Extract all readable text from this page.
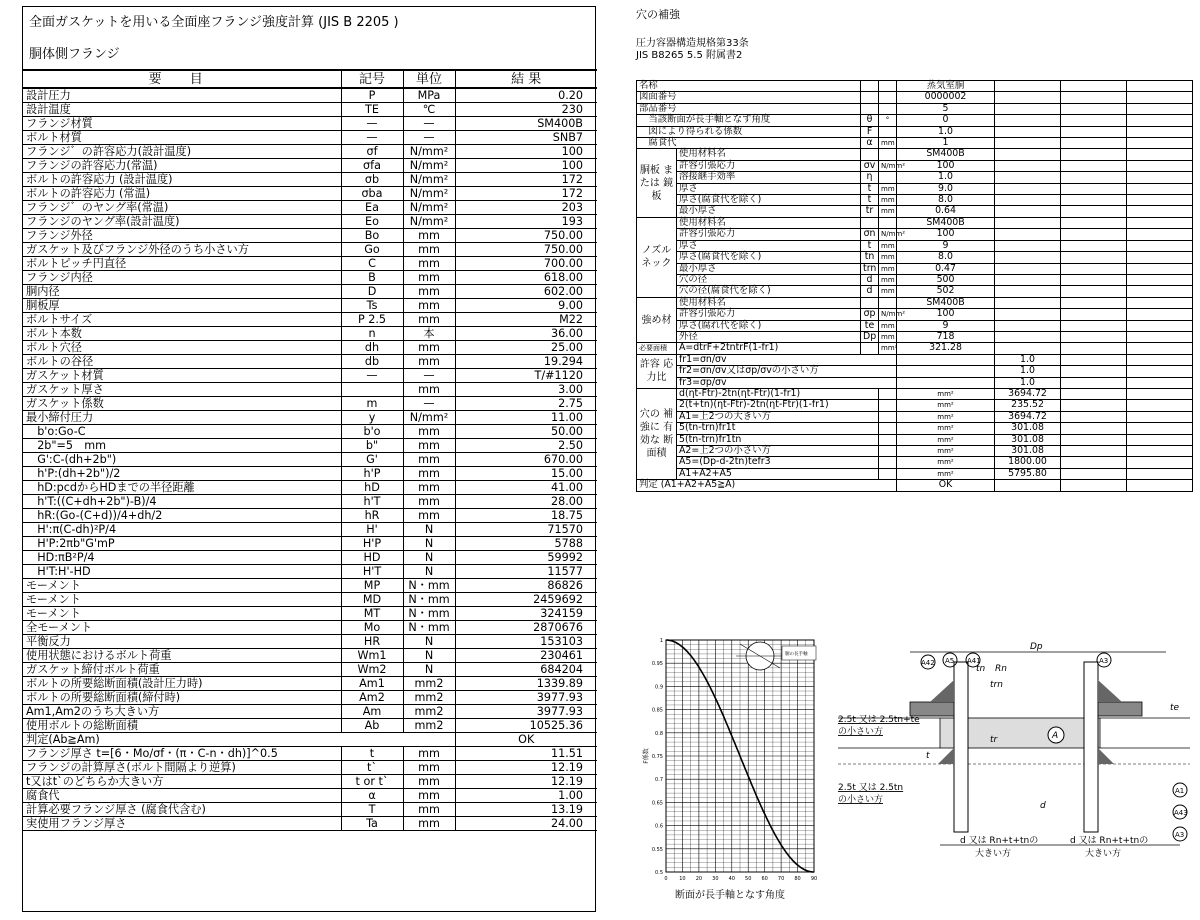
全面ガスケットを用いる全面座フランジ強度計算 (JIS B 2205 )
胴体側フランジ
要 目	記号	単位	結 果
設計圧力	P	MPa	0.20
設計温度	TE	℃	230
フランジ材質	—	—	SM400B
ボルト材質	—	—	SNB7
フランジ゛の許容応力(設計温度)	σf	N/mm²	100
フランジの許容応力(常温)	σfa	N/mm²	100
ボルトの許容応力 (設計温度)	σb	N/mm²	172
ボルトの許容応力 (常温)	σba	N/mm²	172
フランジ゛のヤング率(常温)	Ea	N/mm²	203
フランジのヤング率(設計温度)	Eo	N/mm²	193
フランジ外径	Bo	mm	750.00
ガスケット及びフランジ外径のうち小さい方	Go	mm	750.00
ボルトピッチ円直径	C	mm	700.00
フランジ内径	B	mm	618.00
胴内径	D	mm	602.00
胴板厚	Ts	mm	9.00
ボルトサイズ	P 2.5	mm	M22
ボルト本数	n	本	36.00
ボルト穴径	dh	mm	25.00
ボルトの谷径	db	mm	19.294
ガスケット材質	—	—	T/#1120
ガスケット厚さ		mm	3.00
ガスケット係数	m	—	2.75
最小締付圧力	y	N/mm²	11.00
　b'o:Go-C	b'o	mm	50.00
　2b"=5　mm	b"	mm	2.50
　G':C-(dh+2b")	G'	mm	670.00
　h'P:(dh+2b")/2	h'P	mm	15.00
　hD:pcdからHDまでの半径距離	hD	mm	41.00
　h'T:((C+dh+2b")-B)/4	h'T	mm	28.00
　hR:(Go-(C+d))/4+dh/2	hR	mm	18.75
　H':π(C-dh)²P/4	H'	N	71570
　H'P:2πb"G'mP	H'P	N	5788
　HD:πB²P/4	HD	N	59992
　H'T:H'-HD	H'T	N	11577
モーメント	MP	N・mm	86826
モーメント	MD	N・mm	2459692
モーメント	MT	N・mm	324159
全モーメント	Mo	N・mm	2870676
平衡反力	HR	N	153103
使用状態におけるボルト荷重	Wm1	N	230461
ガスケット締付ボルト荷重	Wm2	N	684204
ボルトの所要総断面積(設計圧力時)	Am1	mm2	1339.89
ボルトの所要総断面積(締付時)	Am2	mm2	3977.93
Am1,Am2のうち大きい方	Am	mm2	3977.93
使用ボルトの総断面積	Ab	mm2	10525.36
判定(Ab≧Am)			OK
フランジ厚さ t=[6・Mo/σf・(π・C-n・dh)]^0.5	t	mm	11.51
フランジの計算厚さ(ボルト間隔より逆算)	t`	mm	12.19
t又はt`のどちらか大きい方	t or t`	mm	12.19
腐食代	α	mm	1.00
計算必要フランジ厚さ (腐食代含む)	T	mm	13.19
実使用フランジ厚さ	Ta	mm	24.00
穴の補強
圧力容器構造規格第33条
JIS B8265 5.5 附属書2
名称				蒸気室胴				
図面番号				0000002				
部品番号				5				
　当該断面が長手軸となす角度		θ	°	0				
　図により得られる係数		F		1.0				
　腐食代		α	mm	1				
胴板 または 鏡板	使用材料名			SM400B				
	許容引張応力	σv	N/mm²	100				
	溶接継手効率	η		1.0				
	厚さ	t	mm	9.0				
	厚さ(腐食代を除く)	t	mm	8.0				
	最小厚さ	tr	mm	0.64				
ノズル ネック	使用材料名			SM400B				
	許容引張応力	σn	N/mm²	100				
	厚さ	t	mm	9				
	厚さ(腐食代を除く)	tn	mm	8.0				
	最小厚さ	trn	mm	0.47				
	穴の径	d	mm	500				
	穴の径(腐食代を除く)	d	mm	502				
強め材	使用材料名			SM400B				
	許容引張応力	σp	N/mm²	100				
	厚さ(腐れ代を除く)	te	mm	9				
	外径	Dp	mm	718				
必要面積	A=dtrF+2tntrF(1-fr1)		mm²	321.28				
許容 応力比	fr1=σn/σv				1.0			
	fr2=σn/σv又はσp/σvの小さい方				1.0			
	fr3=σp/σv				1.0			
穴の 補強に 有効な 断面積	d(ηt-Ftr)-2tn(ηt-Ftr)(1-fr1)			mm²	3694.72			
	2(t+tn)(ηt-Ftr)-2tn(ηt-Ftr)(1-fr1)			mm²	235.52			
	A1=上2つの大きい方			mm²	3694.72			
	5(tn-trn)fr1t			mm²	301.08			
	5(tn-trn)fr1tn			mm²	301.08			
	A2=上2つの小さい方			mm²	301.08			
	A5=(Dp-d-2tn)tefr3			mm²	1800.00			
	A1+A2+A5			mm²	5795.80			
判定 (A1+A2+A5≧A)				OK				
0.5
0.55
0.6
0.65
0.7
0.75
0.8
0.85
0.9
0.95
1
0 10 20 30 40 50 60 70 80 90
F係数
断面が長手軸となす角度
胴の長手軸
Dp
A42 A5 A41	A3
tn Rn
trn
te
t
tr
d
A
A1
A43
A3
2.5t 又は 2.5tn+te
の小さい方
2.5t 又は 2.5tn
の小さい方
d 又は Rn+t+tnの
大きい方
d 又は Rn+t+tnの
大きい方
